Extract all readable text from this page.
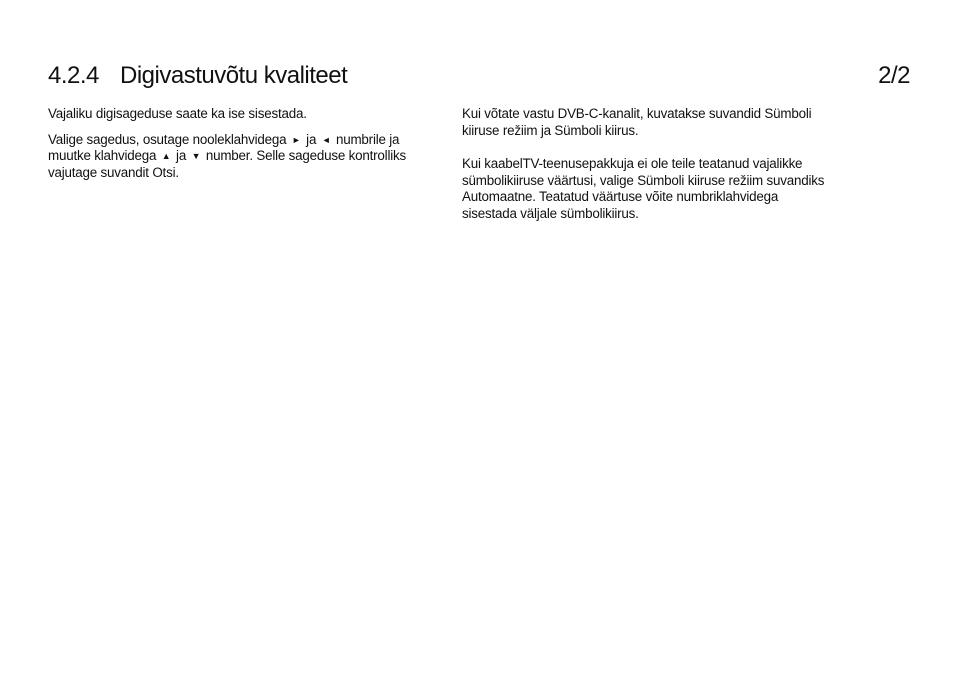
4.2.4 Digivastuvõtu kvaliteet	2/2

Vajaliku digisageduse saate ka ise sisestada.

Valige sagedus, osutage nooleklahvidega ► ja ◄ numbrile ja muutke klahvidega ▲ ja ▼ number. Selle sageduse kontrolliks vajutage suvandit Otsi.

Kui võtate vastu DVB-C-kanalit, kuvatakse suvandid Sümboli kiiruse režiim ja Sümboli kiirus.

Kui kaabelTV-teenusepakkuja ei ole teile teatanud vajalikke sümbolikiiruse väärtusi, valige Sümboli kiiruse režiim suvandiks Automaatne. Teatatud väärtuse võite numbriklahvidega sisestada väljale sümbolikiirus.
